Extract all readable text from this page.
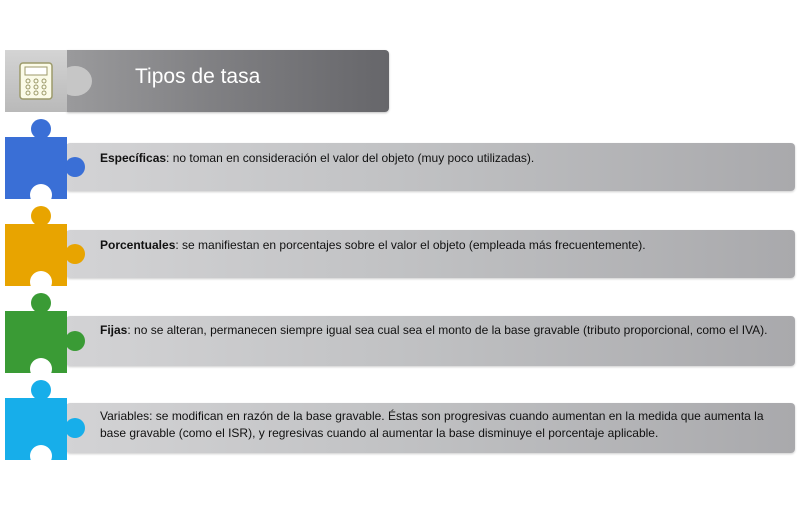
Tipos de tasa
Específicas: no toman en consideración el valor del objeto (muy poco utilizadas).
Porcentuales: se manifiestan en porcentajes sobre el valor el objeto (empleada más frecuentemente).
Fijas: no se alteran, permanecen siempre igual sea cual sea el monto de la base gravable (tributo proporcional, como el IVA).
Variables: se modifican en razón de la base gravable. Éstas son progresivas cuando aumentan en la medida que aumenta la base gravable (como el ISR), y regresivas cuando al aumentar la base disminuye el porcentaje aplicable.
